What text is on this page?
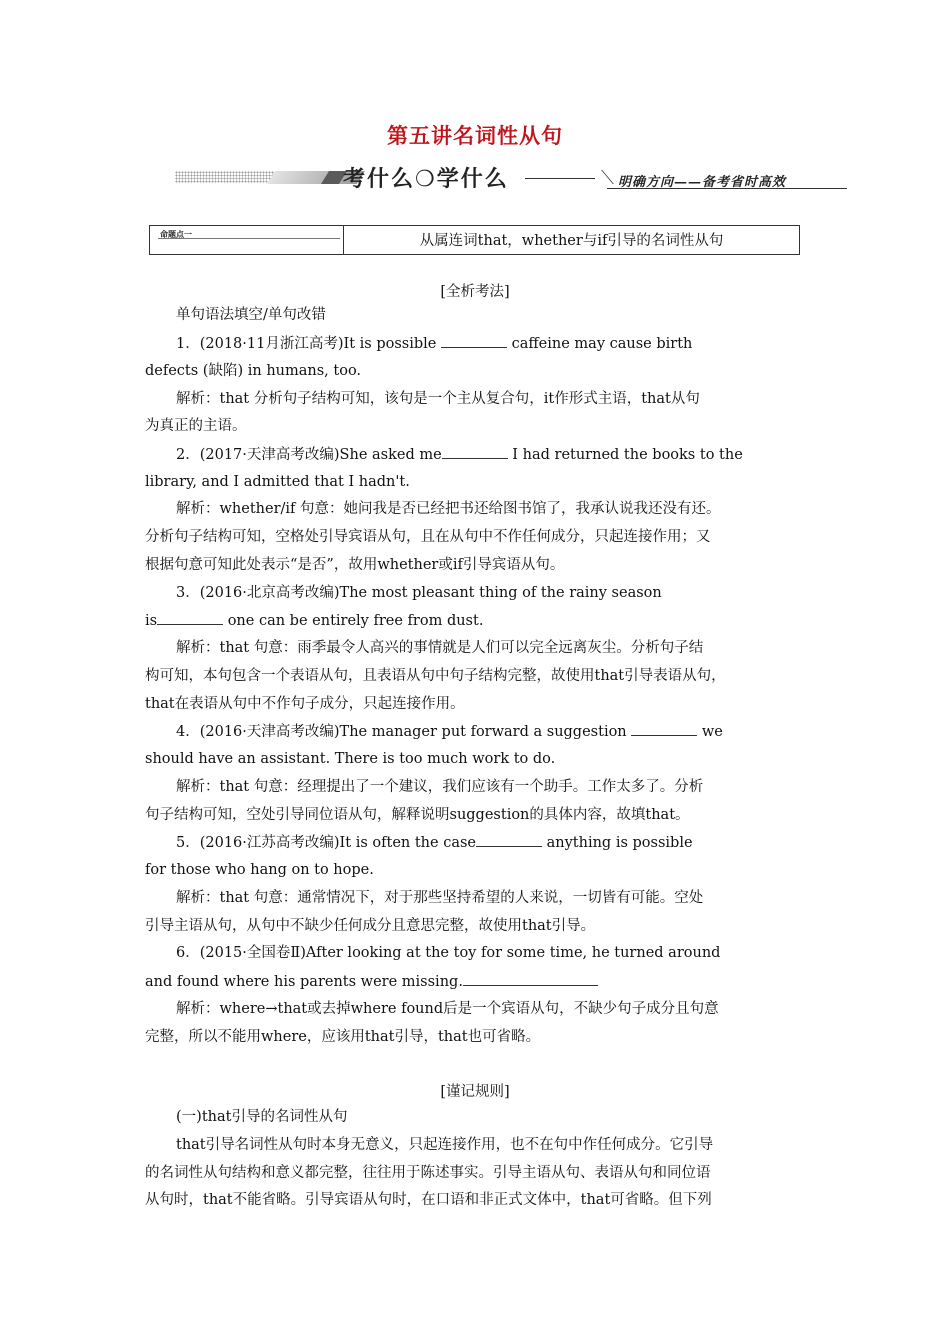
第五讲名词性从句
考什么❍学什么	明确方向——备考省时高效
命题点一	从属连词that，whether与if引导的名词性从句
[全析考法]
单句语法填空/单句改错
1．(2018·11月浙江高考)It is possible	caffeine may cause birth
defects (缺陷) in humans, too.
解析：that 分析句子结构可知，该句是一个主从复合句，it作形式主语，that从句
为真正的主语。
2．(2017·天津高考改编)She asked me	I had returned the books to the
library, and I admitted that I hadn't.
解析：whether/if 句意：她问我是否已经把书还给图书馆了，我承认说我还没有还。
分析句子结构可知，空格处引导宾语从句，且在从句中不作任何成分，只起连接作用；又
根据句意可知此处表示“是否”，故用whether或if引导宾语从句。
3．(2016·北京高考改编)The most pleasant thing of the rainy season
is	one can be entirely free from dust.
解析：that 句意：雨季最令人高兴的事情就是人们可以完全远离灰尘。分析句子结
构可知，本句包含一个表语从句，且表语从句中句子结构完整，故使用that引导表语从句，
that在表语从句中不作句子成分，只起连接作用。
4．(2016·天津高考改编)The manager put forward a suggestion	we
should have an assistant. There is too much work to do.
解析：that 句意：经理提出了一个建议，我们应该有一个助手。工作太多了。分析
句子结构可知，空处引导同位语从句，解释说明suggestion的具体内容，故填that。
5．(2016·江苏高考改编)It is often the case	anything is possible
for those who hang on to hope.
解析：that 句意：通常情况下，对于那些坚持希望的人来说，一切皆有可能。空处
引导主语从句，从句中不缺少任何成分且意思完整，故使用that引导。
6．(2015·全国卷Ⅱ)After looking at the toy for some time, he turned around
and found where his parents were missing.
解析：where→that或去掉where found后是一个宾语从句，不缺少句子成分且句意
完整，所以不能用where，应该用that引导，that也可省略。
[谨记规则]
(一)that引导的名词性从句
that引导名词性从句时本身无意义，只起连接作用，也不在句中作任何成分。它引导
的名词性从句结构和意义都完整，往往用于陈述事实。引导主语从句、表语从句和同位语
从句时，that不能省略。引导宾语从句时，在口语和非正式文体中，that可省略。但下列
